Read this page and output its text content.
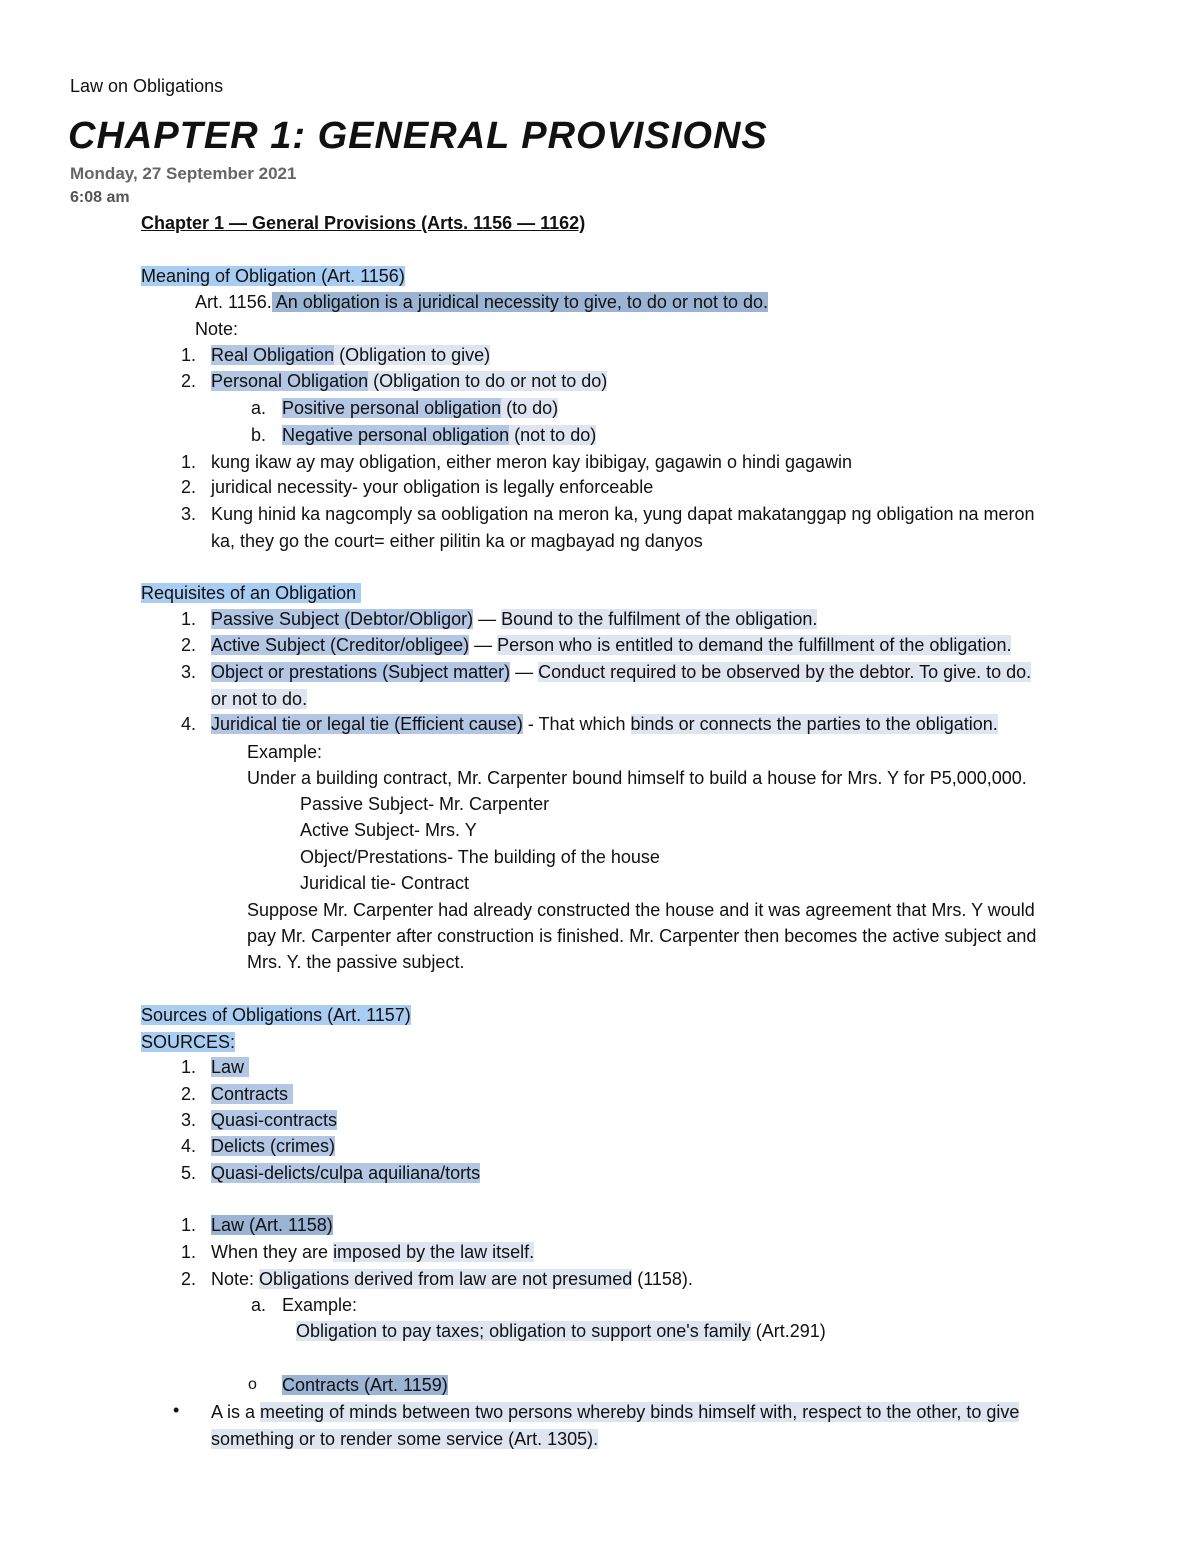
Law on Obligations
CHAPTER 1: GENERAL PROVISIONS
Monday, 27 September 2021
6:08 am
Chapter 1 — General Provisions (Arts. 1156 — 1162)
Meaning of Obligation (Art. 1156)
Art. 1156. An obligation is a juridical necessity to give, to do or not to do.
Note:
1. Real Obligation (Obligation to give)
2. Personal Obligation (Obligation to do or not to do)
a. Positive personal obligation (to do)
b. Negative personal obligation (not to do)
1. kung ikaw ay may obligation, either meron kay ibibigay, gagawin o hindi gagawin
2. juridical necessity- your obligation is legally enforceable
3. Kung hinid ka nagcomply sa oobligation na meron ka, yung dapat makatanggap ng obligation na meron
ka, they go the court= either pilitin ka or magbayad ng danyos
Requisites of an Obligation
1. Passive Subject (Debtor/Obligor) — Bound to the fulfilment of the obligation.
2. Active Subject (Creditor/obligee) — Person who is entitled to demand the fulfillment of the obligation.
3. Object or prestations (Subject matter) — Conduct required to be observed by the debtor. To give. to do.
or not to do.
4. Juridical tie or legal tie (Efficient cause) - That which binds or connects the parties to the obligation.
Example:
Under a building contract, Mr. Carpenter bound himself to build a house for Mrs. Y for P5,000,000.
Passive Subject- Mr. Carpenter
Active Subject- Mrs. Y
Object/Prestations- The building of the house
Juridical tie- Contract
Suppose Mr. Carpenter had already constructed the house and it was agreement that Mrs. Y would
pay Mr. Carpenter after construction is finished. Mr. Carpenter then becomes the active subject and
Mrs. Y. the passive subject.
Sources of Obligations (Art. 1157)
SOURCES:
1. Law
2. Contracts
3. Quasi-contracts
4. Delicts (crimes)
5. Quasi-delicts/culpa aquiliana/torts
1. Law (Art. 1158)
1. When they are imposed by the law itself.
2. Note: Obligations derived from law are not presumed (1158).
a. Example:
Obligation to pay taxes; obligation to support one's family (Art.291)
o Contracts (Art. 1159)
• A is a meeting of minds between two persons whereby binds himself with, respect to the other, to give
something or to render some service (Art. 1305).
